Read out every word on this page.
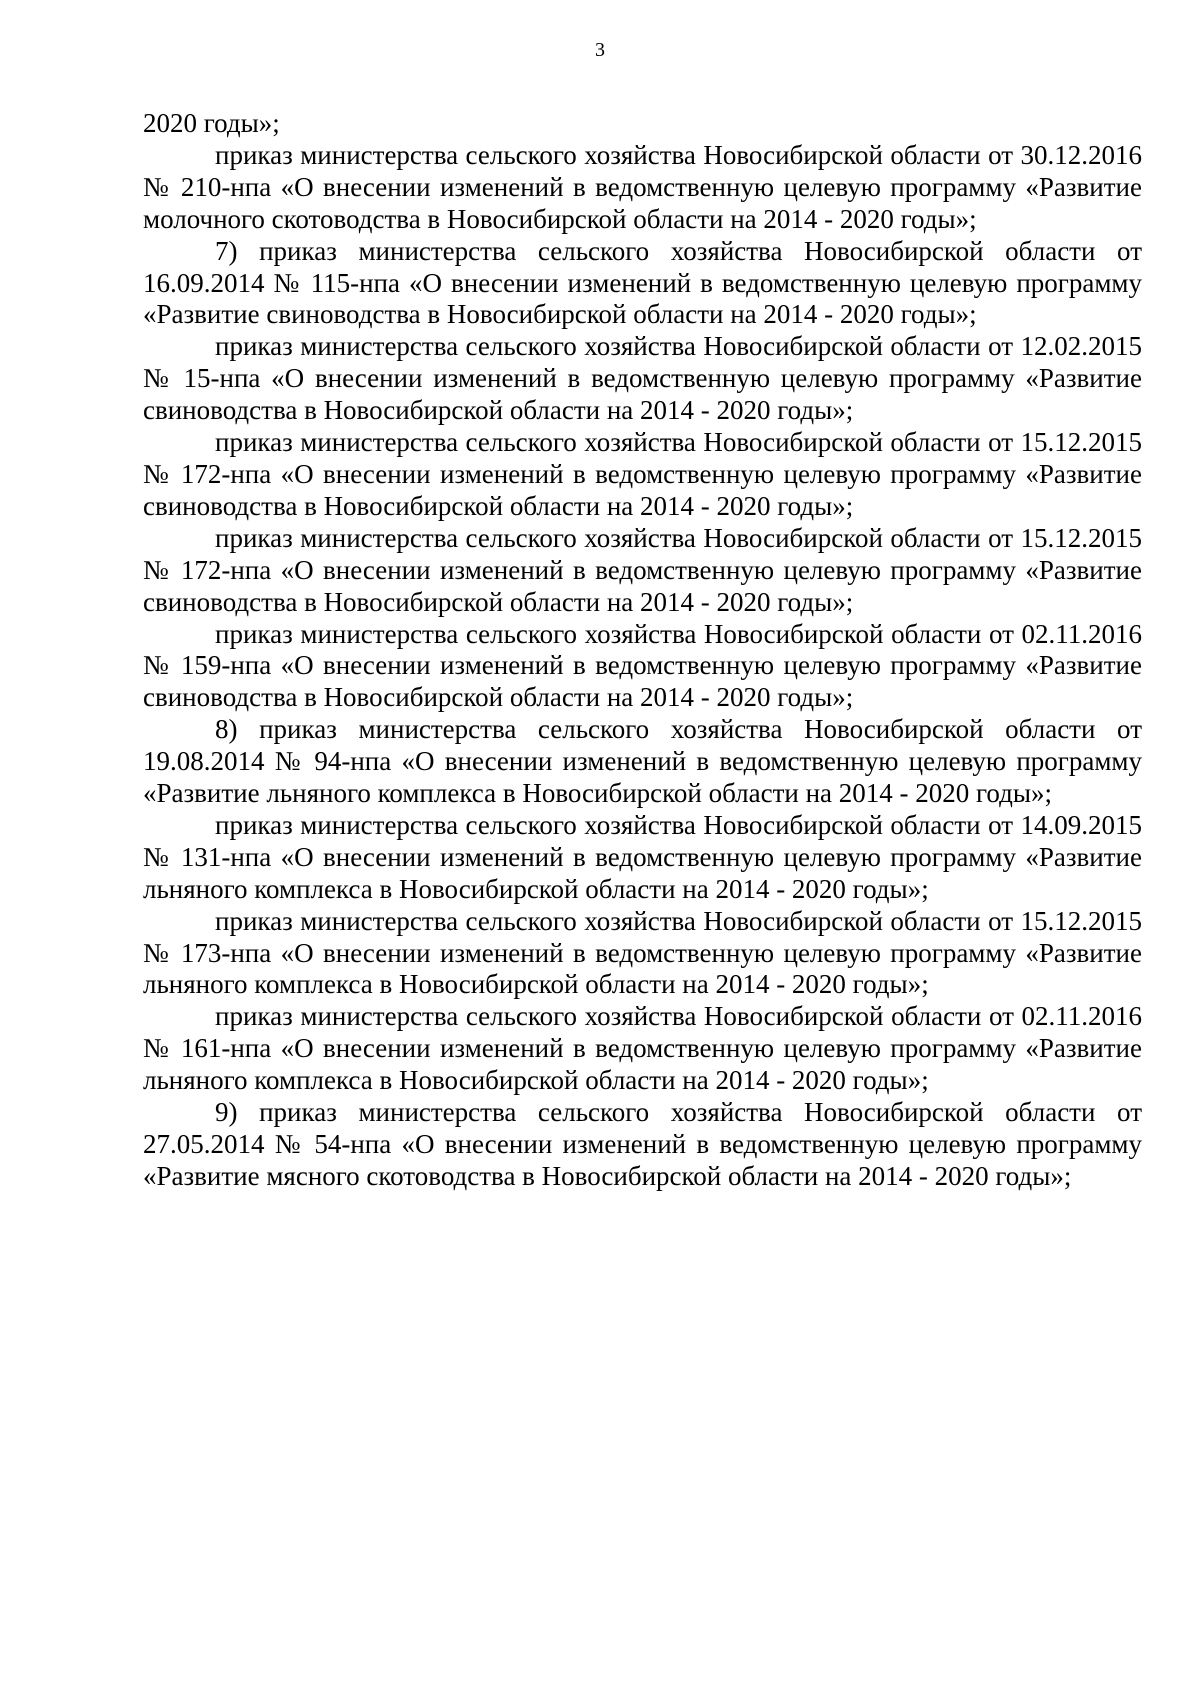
3

2020 годы»;

приказ министерства сельского хозяйства Новосибирской области от 30.12.2016 № 210-нпа «О внесении изменений в ведомственную целевую программу «Развитие молочного скотоводства в Новосибирской области на 2014 - 2020 годы»;

7) приказ министерства сельского хозяйства Новосибирской области от 16.09.2014 № 115-нпа «О внесении изменений в ведомственную целевую программу «Развитие свиноводства в Новосибирской области на 2014 - 2020 годы»;

приказ министерства сельского хозяйства Новосибирской области от 12.02.2015 № 15-нпа «О внесении изменений в ведомственную целевую программу «Развитие свиноводства в Новосибирской области на 2014 - 2020 годы»;

приказ министерства сельского хозяйства Новосибирской области от 15.12.2015 № 172-нпа «О внесении изменений в ведомственную целевую программу «Развитие свиноводства в Новосибирской области на 2014 - 2020 годы»;

приказ министерства сельского хозяйства Новосибирской области от 15.12.2015 № 172-нпа «О внесении изменений в ведомственную целевую программу «Развитие свиноводства в Новосибирской области на 2014 - 2020 годы»;

приказ министерства сельского хозяйства Новосибирской области от 02.11.2016 № 159-нпа «О внесении изменений в ведомственную целевую программу «Развитие свиноводства в Новосибирской области на 2014 - 2020 годы»;

8) приказ министерства сельского хозяйства Новосибирской области от 19.08.2014 № 94-нпа «О внесении изменений в ведомственную целевую программу «Развитие льняного комплекса в Новосибирской области на 2014 - 2020 годы»;

приказ министерства сельского хозяйства Новосибирской области от 14.09.2015 № 131-нпа «О внесении изменений в ведомственную целевую программу «Развитие льняного комплекса в Новосибирской области на 2014 - 2020 годы»;

приказ министерства сельского хозяйства Новосибирской области от 15.12.2015 № 173-нпа «О внесении изменений в ведомственную целевую программу «Развитие льняного комплекса в Новосибирской области на 2014 - 2020 годы»;

приказ министерства сельского хозяйства Новосибирской области от 02.11.2016 № 161-нпа «О внесении изменений в ведомственную целевую программу «Развитие льняного комплекса в Новосибирской области на 2014 - 2020 годы»;

9) приказ министерства сельского хозяйства Новосибирской области от 27.05.2014 № 54-нпа «О внесении изменений в ведомственную целевую программу «Развитие мясного скотоводства в Новосибирской области на 2014 - 2020 годы»;
